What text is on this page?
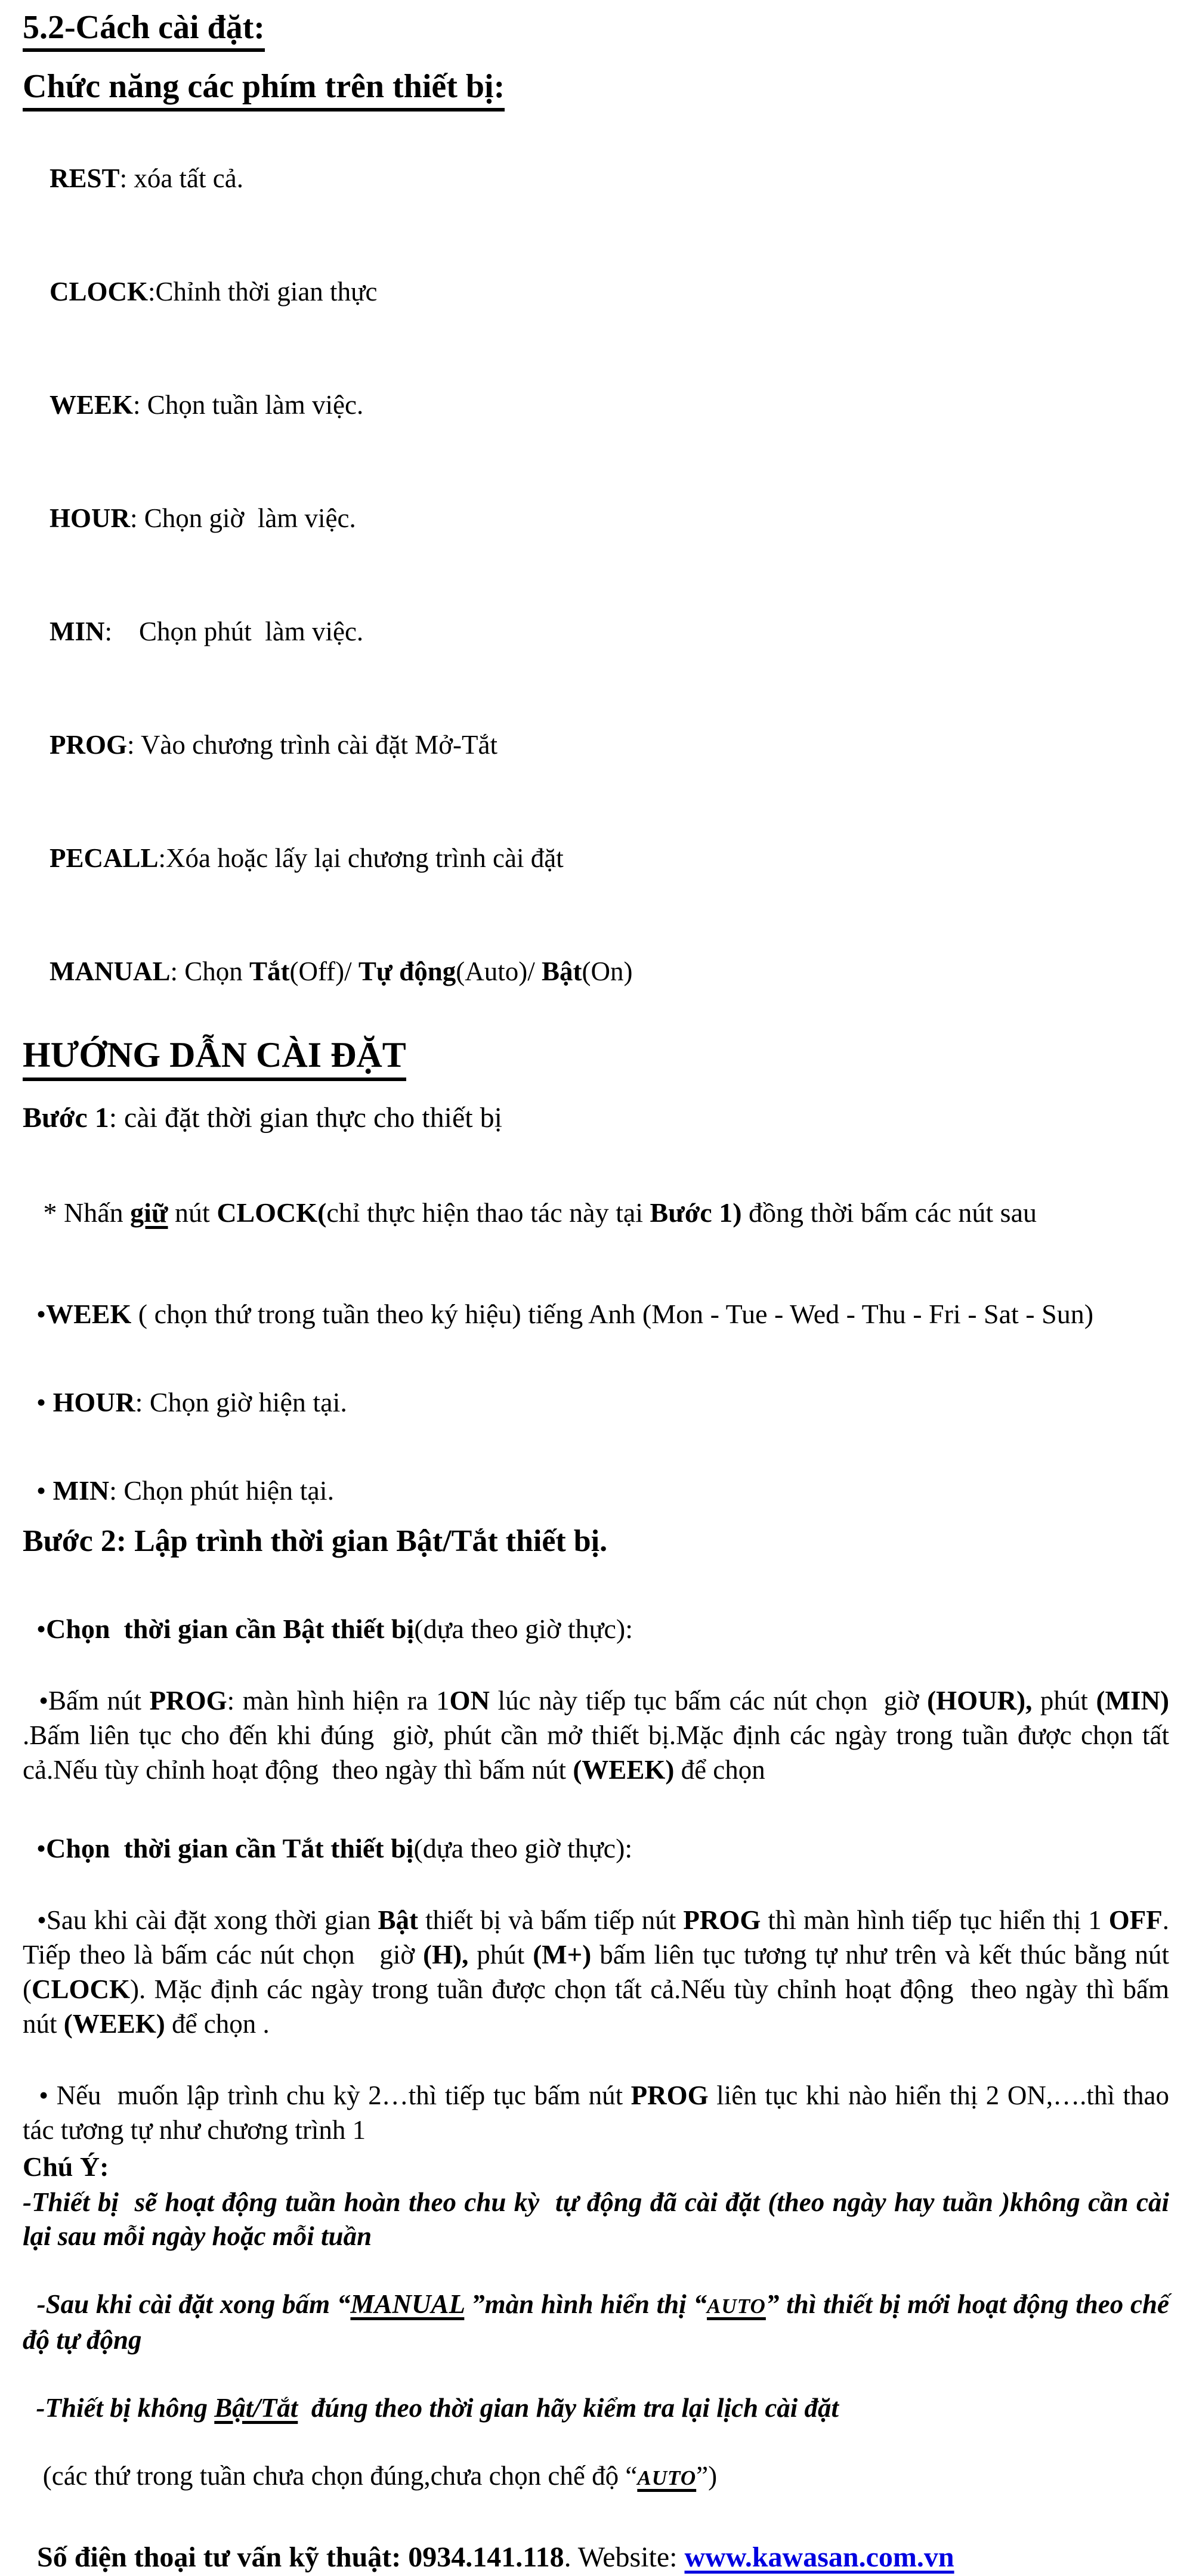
5.2-Cách cài đặt:
Chức năng các phím trên thiết bị:

REST: xóa tất cả.

CLOCK:Chỉnh thời gian thực

WEEK: Chọn tuần làm việc.

HOUR: Chọn giờ  làm việc.

MIN:    Chọn phút  làm việc.

PROG: Vào chương trình cài đặt Mở-Tắt

PECALL:Xóa hoặc lấy lại chương trình cài đặt

MANUAL: Chọn Tắt(Off)/ Tự động(Auto)/ Bật(On)

HƯỚNG DẪN CÀI ĐẶT
Bước 1: cài đặt thời gian thực cho thiết bị

* Nhấn giữ nút CLOCK(chỉ thực hiện thao tác này tại Bước 1) đồng thời bấm các nút sau

•WEEK ( chọn thứ trong tuần theo ký hiệu) tiếng Anh (Mon - Tue - Wed - Thu - Fri - Sat - Sun)

• HOUR: Chọn giờ hiện tại.

• MIN: Chọn phút hiện tại.

Bước 2: Lập trình thời gian Bật/Tắt thiết bị.

•Chọn  thời gian cần Bật thiết bị(dựa theo giờ thực):

•Bấm nút PROG: màn hình hiện ra 1ON lúc này tiếp tục bấm các nút chọn  giờ (HOUR), phút (MIN) .Bấm liên tục cho đến khi đúng  giờ, phút cần mở thiết bị.Mặc định các ngày trong tuần được chọn tất cả.Nếu tùy chỉnh hoạt động  theo ngày thì bấm nút (WEEK) để chọn

•Chọn  thời gian cần Tắt thiết bị(dựa theo giờ thực):

•Sau khi cài đặt xong thời gian Bật thiết bị và bấm tiếp nút PROG thì màn hình tiếp tục hiển thị 1 OFF. Tiếp theo là bấm các nút chọn   giờ (H), phút (M+) bấm liên tục tương tự như trên và kết thúc bằng nút (CLOCK). Mặc định các ngày trong tuần được chọn tất cả.Nếu tùy chỉnh hoạt động  theo ngày thì bấm nút (WEEK) để chọn .

• Nếu  muốn lập trình chu kỳ 2…thì tiếp tục bấm nút PROG liên tục khi nào hiển thị 2 ON,….thì thao tác tương tự như chương trình 1

Chú Ý:
-Thiết bị  sẽ hoạt động tuần hoàn theo chu kỳ  tự động đã cài đặt (theo ngày hay tuần )không cần cài lại sau mỗi ngày hoặc mỗi tuần

-Sau khi cài đặt xong bấm “MANUAL ”màn hình hiển thị “AUTO” thì thiết bị mới hoạt động theo chế độ tự động

-Thiết bị không Bật/Tắt  đúng theo thời gian hãy kiểm tra lại lịch cài đặt

(các thứ trong tuần chưa chọn đúng,chưa chọn chế độ “AUTO”)

Số điện thoại tư vấn kỹ thuật: 0934.141.118. Website: www.kawasan.com.vn
